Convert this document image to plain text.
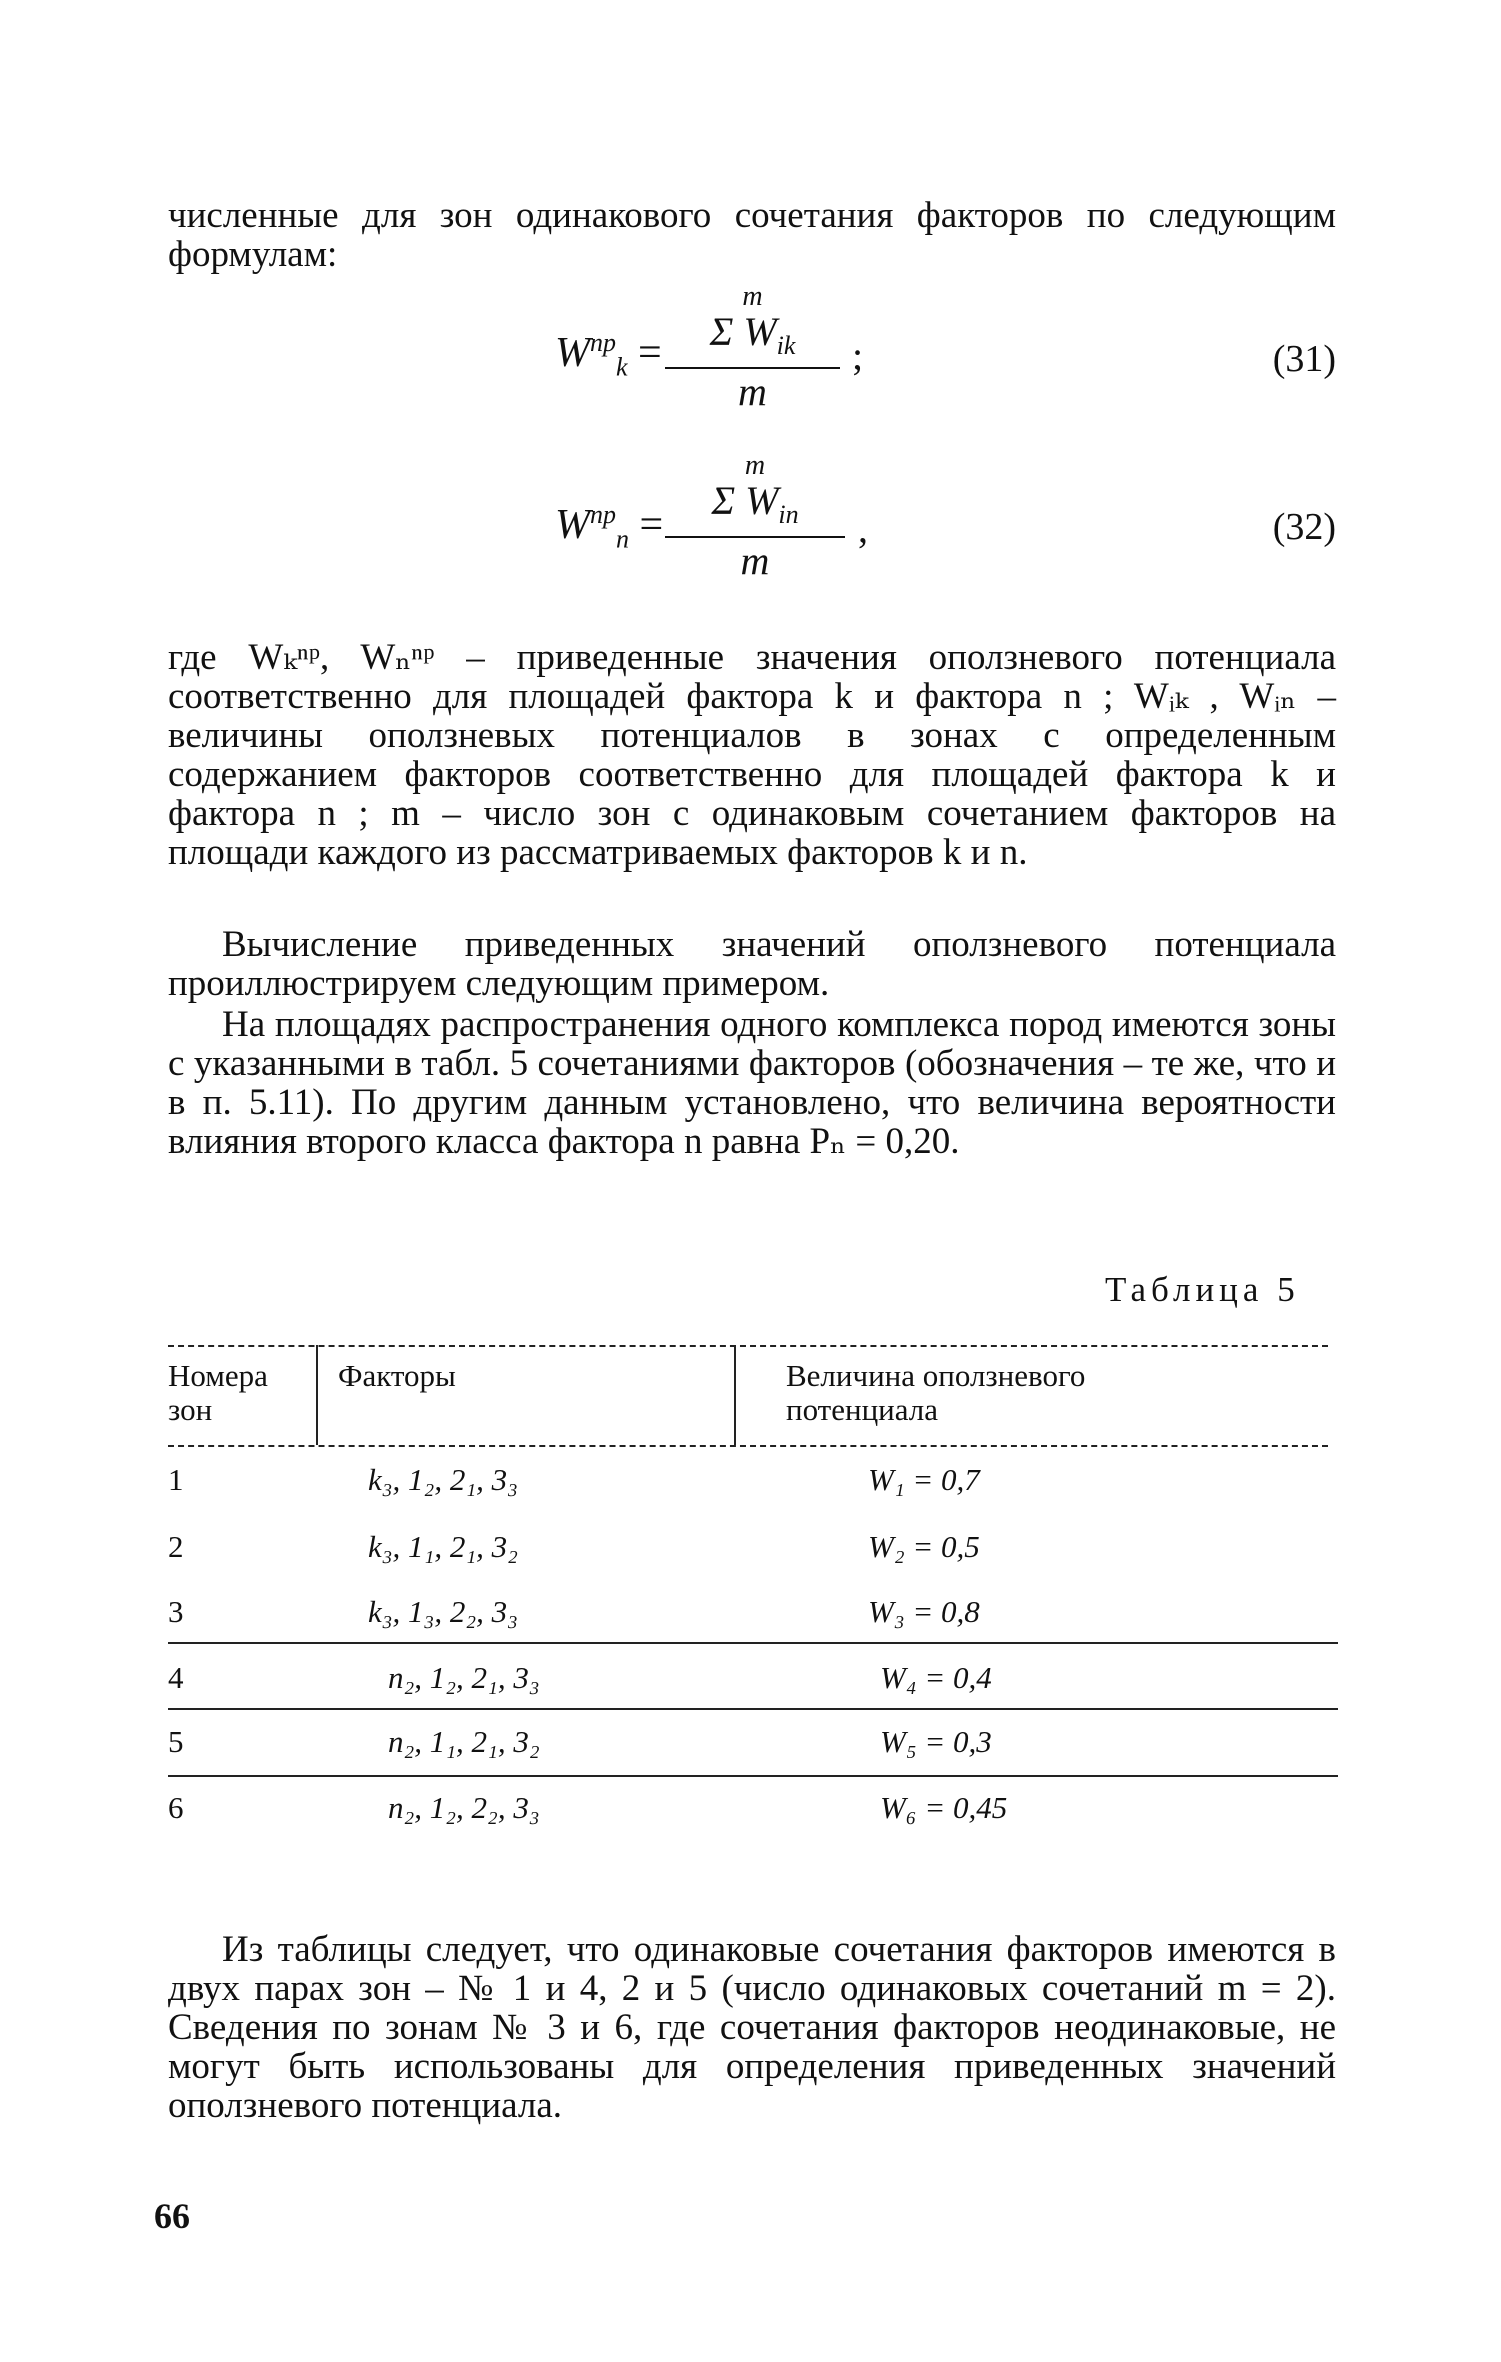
численные для зон одинакового сочетания факторов по следующим формулам:

$W^{пр}_k$ =
m
Σ $W_{ik}$
m
;	(31)
$W^{пр}_n$ =
m
Σ $W_{in}$
m
,	(32)

где Wₖⁿᵖ, Wₙⁿᵖ – приведенные значения оползневого потенциала соответственно для площадей фактора k и фактора n ; Wᵢₖ , Wᵢₙ – величины оползневых потенциалов в зонах с определенным содержанием факторов соответственно для площадей фактора k и фактора n ; m – число зон с одинаковым сочетанием факторов на площади каждого из рассматриваемых факторов k и n.

Вычисление приведенных значений оползневого потенциала проиллюстрируем следующим примером.

На площадях распространения одного комплекса пород имеются зоны с указанными в табл. 5 сочетаниями факторов (обозначения – те же, что и в п. 5.11). По другим данным установлено, что величина вероятности влияния второго класса фактора n равна Pₙ = 0,20.

Таблица 5
Номера зон
Факторы	Величина оползневого потенциала
1	k₃, 1₂, 2₁, 3₃	W₁ = 0,7
2	k₃, 1₁, 2₁, 3₂	W₂ = 0,5
3	k₃, 1₃, 2₂, 3₃	W₃ = 0,8
4	n₂, 1₂, 2₁, 3₃	W₄ = 0,4
5	n₂, 1₁, 2₁, 3₂	W₅ = 0,3
6	n₂, 1₂, 2₂, 3₃	W₆ = 0,45

Из таблицы следует, что одинаковые сочетания факторов имеются в двух парах зон – № 1 и 4, 2 и 5 (число одинаковых сочетаний m = 2). Сведения по зонам № 3 и 6, где сочетания факторов неодинаковые, не могут быть использованы для определения приведенных значений оползневого потенциала.

66
